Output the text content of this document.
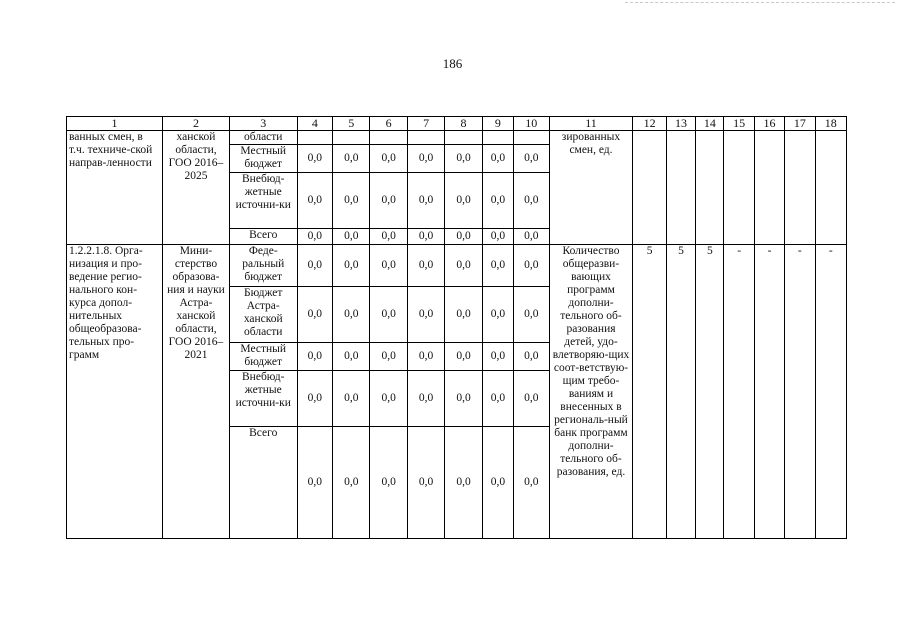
186
1	2	3	4	5	6	7	8	9	10	11	12	13	14	15	16	17	18
ванных смен, в т.ч. техниче-ской направ-ленности	ханской области, ГОО 2016–2025	области								зированных смен, ед.							
		Местный бюджет	0,0	0,0	0,0	0,0	0,0	0,0	0,0								
		Внебюд-жетные источни-ки	0,0	0,0	0,0	0,0	0,0	0,0	0,0								
		Всего	0,0	0,0	0,0	0,0	0,0	0,0	0,0								
1.2.2.1.8. Орга-низация и про-ведение регио-нального кон-курса допол-нительных общеобразова-тельных про-грамм	Мини-стерство образова-ния и науки Астра-ханской области, ГОО 2016–2021	Феде-ральный бюджет	0,0	0,0	0,0	0,0	0,0	0,0	0,0	Количество общеразви-вающих программ дополни-тельного об-разования детей, удо-влетворяю-щих соот-ветствую-щим требо-ваниям и внесенных в региональ-ный банк программ дополни-тельного об-разования, ед.	5	5	5	-	-	-	-
		Бюджет Астра-ханской области	0,0	0,0	0,0	0,0	0,0	0,0	0,0								
		Местный бюджет	0,0	0,0	0,0	0,0	0,0	0,0	0,0								
		Внебюд-жетные источни-ки	0,0	0,0	0,0	0,0	0,0	0,0	0,0								
		Всего	0,0	0,0	0,0	0,0	0,0	0,0	0,0								
